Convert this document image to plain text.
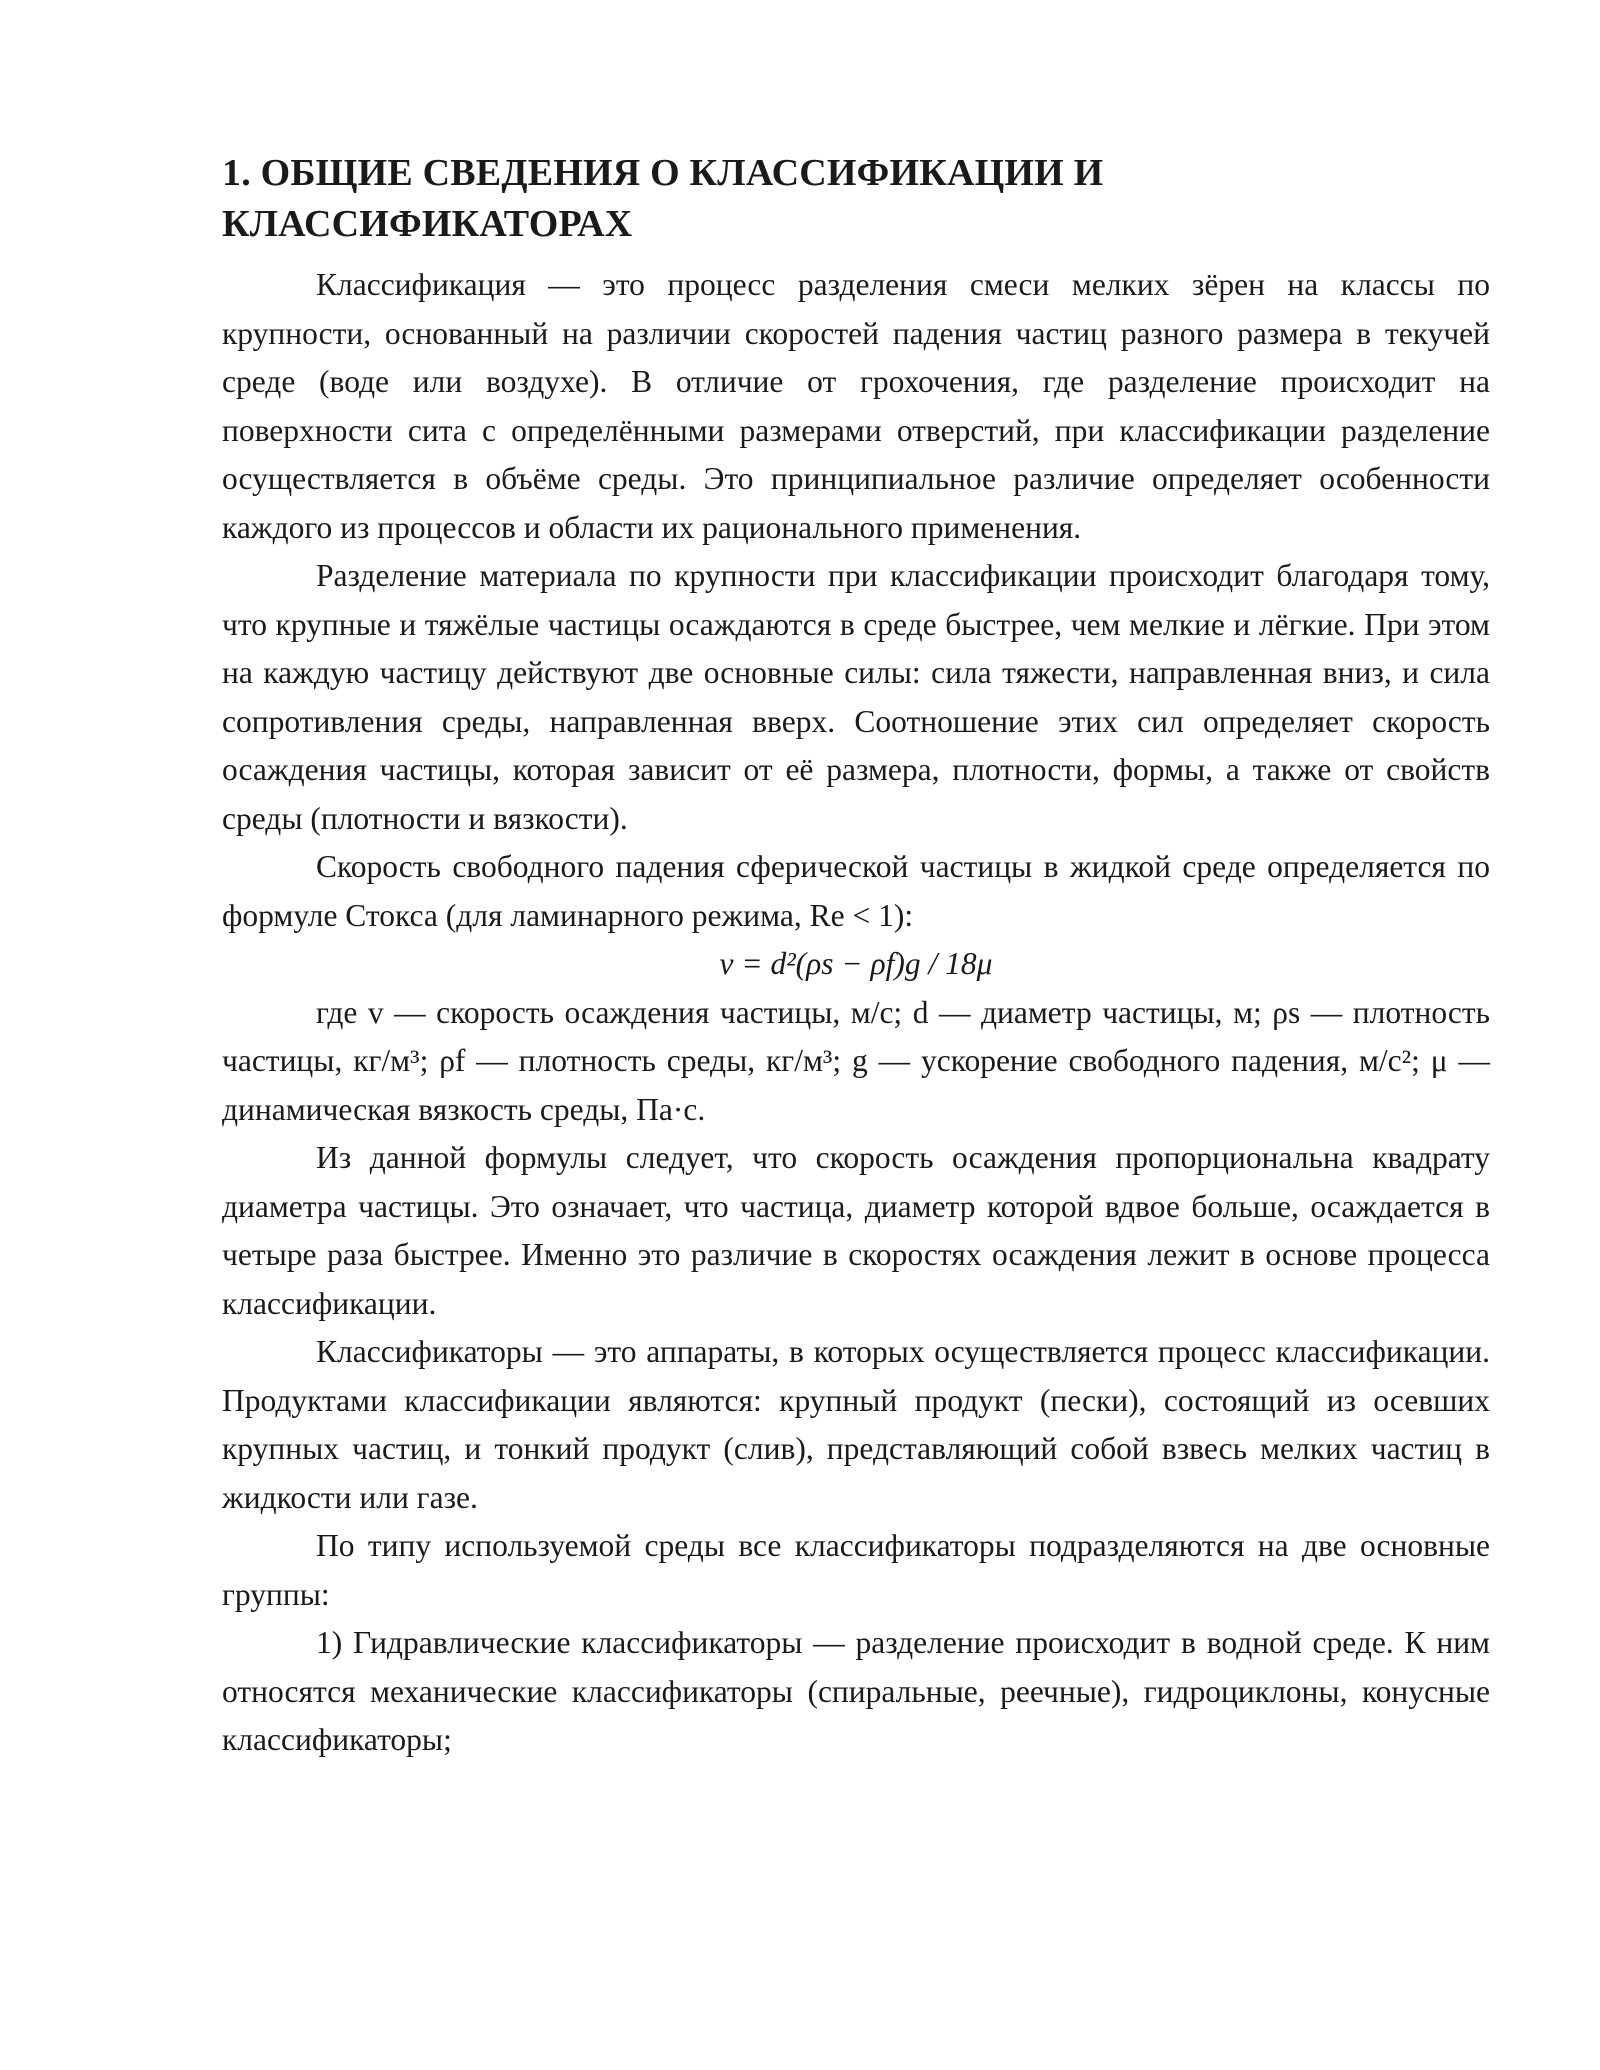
1. ОБЩИЕ СВЕДЕНИЯ О КЛАССИФИКАЦИИ И КЛАССИФИКАТОРАХ

Классификация — это процесс разделения смеси мелких зёрен на классы по крупности, основанный на различии скоростей падения частиц разного размера в текучей среде (воде или воздухе). В отличие от грохочения, где разделение происходит на поверхности сита с определёнными размерами отверстий, при классификации разделение осуществляется в объёме среды. Это принципиальное различие определяет особенности каждого из процессов и области их рационального применения.

Разделение материала по крупности при классификации происходит благодаря тому, что крупные и тяжёлые частицы осаждаются в среде быстрее, чем мелкие и лёгкие. При этом на каждую частицу действуют две основные силы: сила тяжести, направленная вниз, и сила сопротивления среды, направленная вверх. Соотношение этих сил определяет скорость осаждения частицы, которая зависит от её размера, плотности, формы, а также от свойств среды (плотности и вязкости).

Скорость свободного падения сферической частицы в жидкой среде определяется по формуле Стокса (для ламинарного режима, Re < 1):

v = d²(ρs − ρf)g / 18μ

где v — скорость осаждения частицы, м/с; d — диаметр частицы, м; ρs — плотность частицы, кг/м³; ρf — плотность среды, кг/м³; g — ускорение свободного падения, м/с²; μ — динамическая вязкость среды, Па·с.

Из данной формулы следует, что скорость осаждения пропорциональна квадрату диаметра частицы. Это означает, что частица, диаметр которой вдвое больше, осаждается в четыре раза быстрее. Именно это различие в скоростях осаждения лежит в основе процесса классификации.

Классификаторы — это аппараты, в которых осуществляется процесс классификации. Продуктами классификации являются: крупный продукт (пески), состоящий из осевших крупных частиц, и тонкий продукт (слив), представляющий собой взвесь мелких частиц в жидкости или газе.

По типу используемой среды все классификаторы подразделяются на две основные группы:

1) Гидравлические классификаторы — разделение происходит в водной среде. К ним относятся механические классификаторы (спиральные, реечные), гидроциклоны, конусные классификаторы;
